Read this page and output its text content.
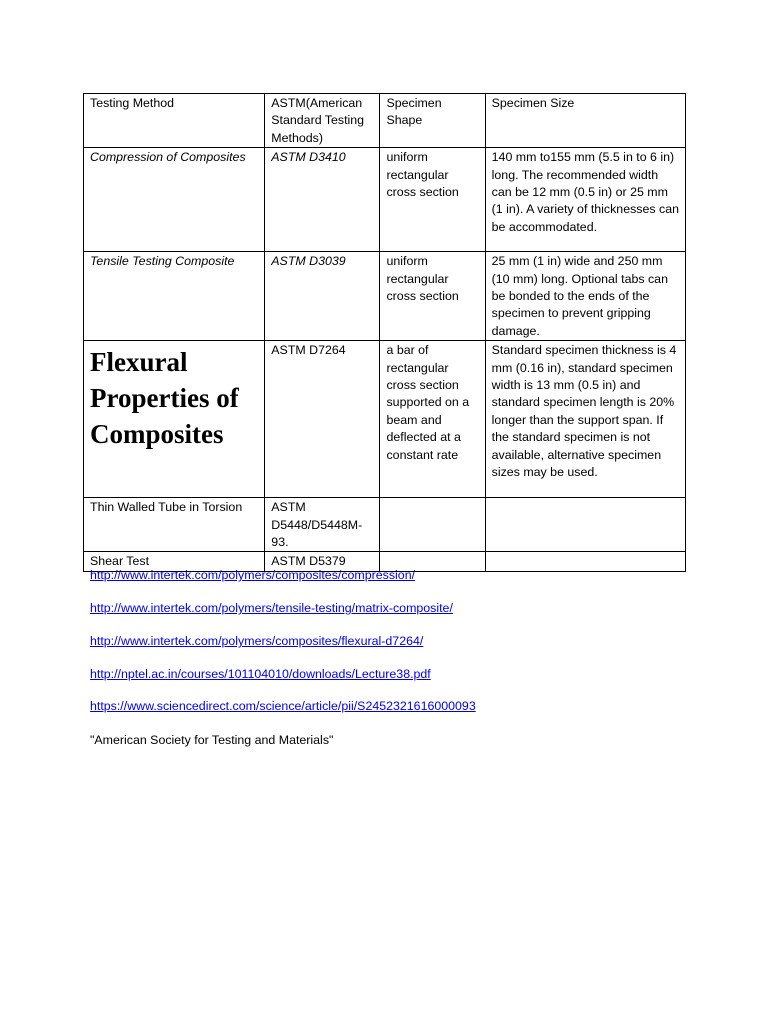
Testing Method	ASTM(American Standard Testing Methods)	Specimen Shape	Specimen Size
Compression of Composites	ASTM D3410	uniform rectangular cross section	140 mm to155 mm (5.5 in to 6 in) long. The recommended width can be 12 mm (0.5 in) or 25 mm (1 in). A variety of thicknesses can be accommodated.
Tensile Testing Composite	ASTM D3039	uniform rectangular cross section	25 mm (1 in) wide and 250 mm (10 mm) long. Optional tabs can be bonded to the ends of the specimen to prevent gripping damage.

Flexural Properties of Composites	ASTM D7264	a bar of rectangular cross section supported on a beam and deflected at a constant rate	Standard specimen thickness is 4 mm (0.16 in), standard specimen width is 13 mm (0.5 in) and standard specimen length is 20% longer than the support span. If the standard specimen is not available, alternative specimen sizes may be used.
Thin Walled Tube in Torsion	ASTM D5448/D5448M-93.		
Shear Test	ASTM D5379		
http://www.intertek.com/polymers/composites/compression/
http://www.intertek.com/polymers/tensile-testing/matrix-composite/
http://www.intertek.com/polymers/composites/flexural-d7264/
http://nptel.ac.in/courses/101104010/downloads/Lecture38.pdf
https://www.sciencedirect.com/science/article/pii/S2452321616000093
"American Society for Testing and Materials"
